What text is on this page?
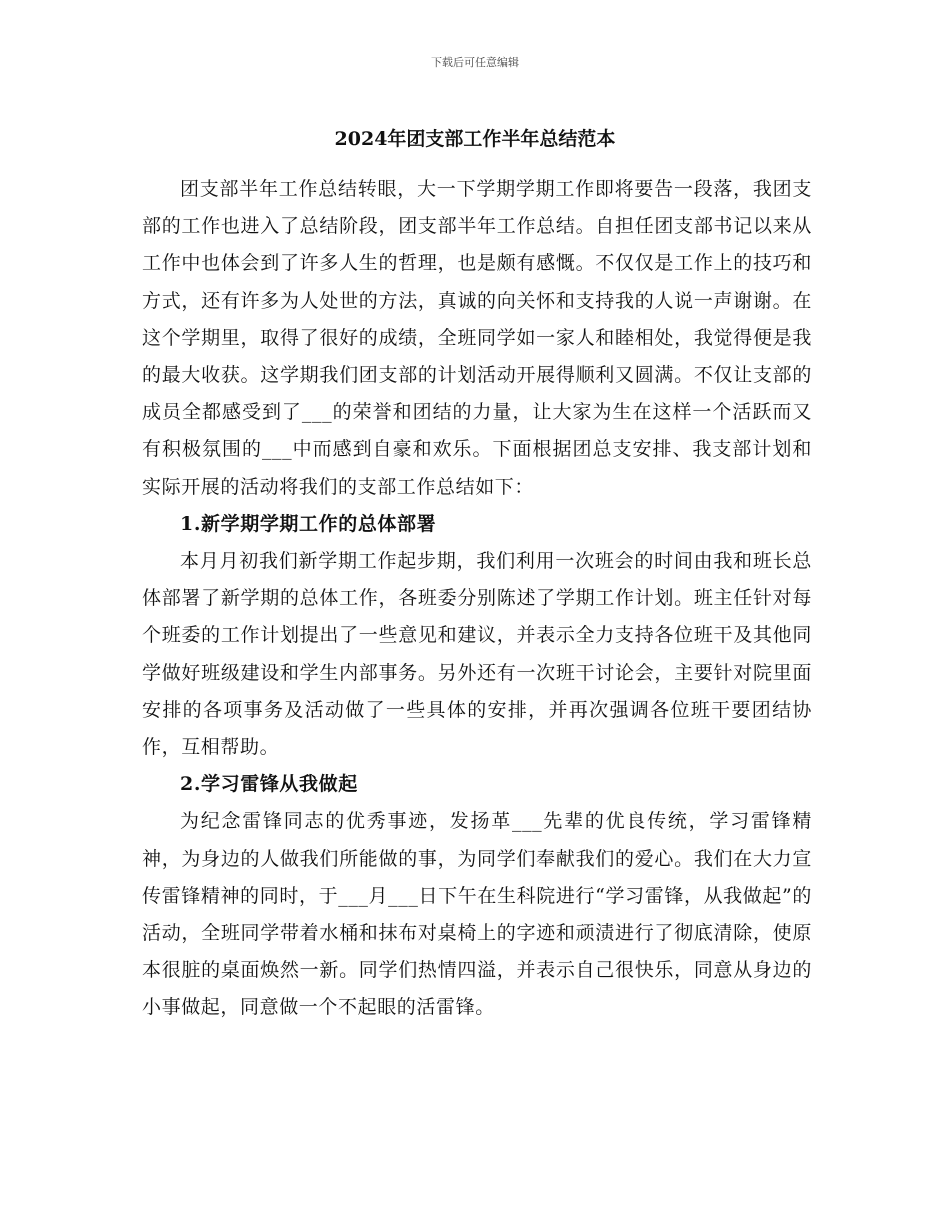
下载后可任意编辑
2024年团支部工作半年总结范本

团支部半年工作总结转眼，大一下学期学期工作即将要告一段落，我团支部的工作也进入了总结阶段，团支部半年工作总结。自担任团支部书记以来从工作中也体会到了许多人生的哲理，也是颇有感慨。不仅仅是工作上的技巧和方式，还有许多为人处世的方法，真诚的向关怀和支持我的人说一声谢谢。在这个学期里，取得了很好的成绩，全班同学如一家人和睦相处，我觉得便是我的最大收获。这学期我们团支部的计划活动开展得顺利又圆满。不仅让支部的成员全都感受到了___的荣誉和团结的力量，让大家为生在这样一个活跃而又有积极氛围的___中而感到自豪和欢乐。下面根据团总支安排、我支部计划和实际开展的活动将我们的支部工作总结如下：

1.新学期学期工作的总体部署

本月月初我们新学期工作起步期，我们利用一次班会的时间由我和班长总体部署了新学期的总体工作，各班委分别陈述了学期工作计划。班主任针对每个班委的工作计划提出了一些意见和建议，并表示全力支持各位班干及其他同学做好班级建设和学生内部事务。另外还有一次班干讨论会，主要针对院里面安排的各项事务及活动做了一些具体的安排，并再次强调各位班干要团结协作，互相帮助。

2.学习雷锋从我做起

为纪念雷锋同志的优秀事迹，发扬革___先辈的优良传统，学习雷锋精神，为身边的人做我们所能做的事，为同学们奉献我们的爱心。我们在大力宣传雷锋精神的同时，于___月___日下午在生科院进行“学习雷锋，从我做起”的活动，全班同学带着水桶和抹布对桌椅上的字迹和顽渍进行了彻底清除，使原本很脏的桌面焕然一新。同学们热情四溢，并表示自己很快乐，同意从身边的小事做起，同意做一个不起眼的活雷锋。
